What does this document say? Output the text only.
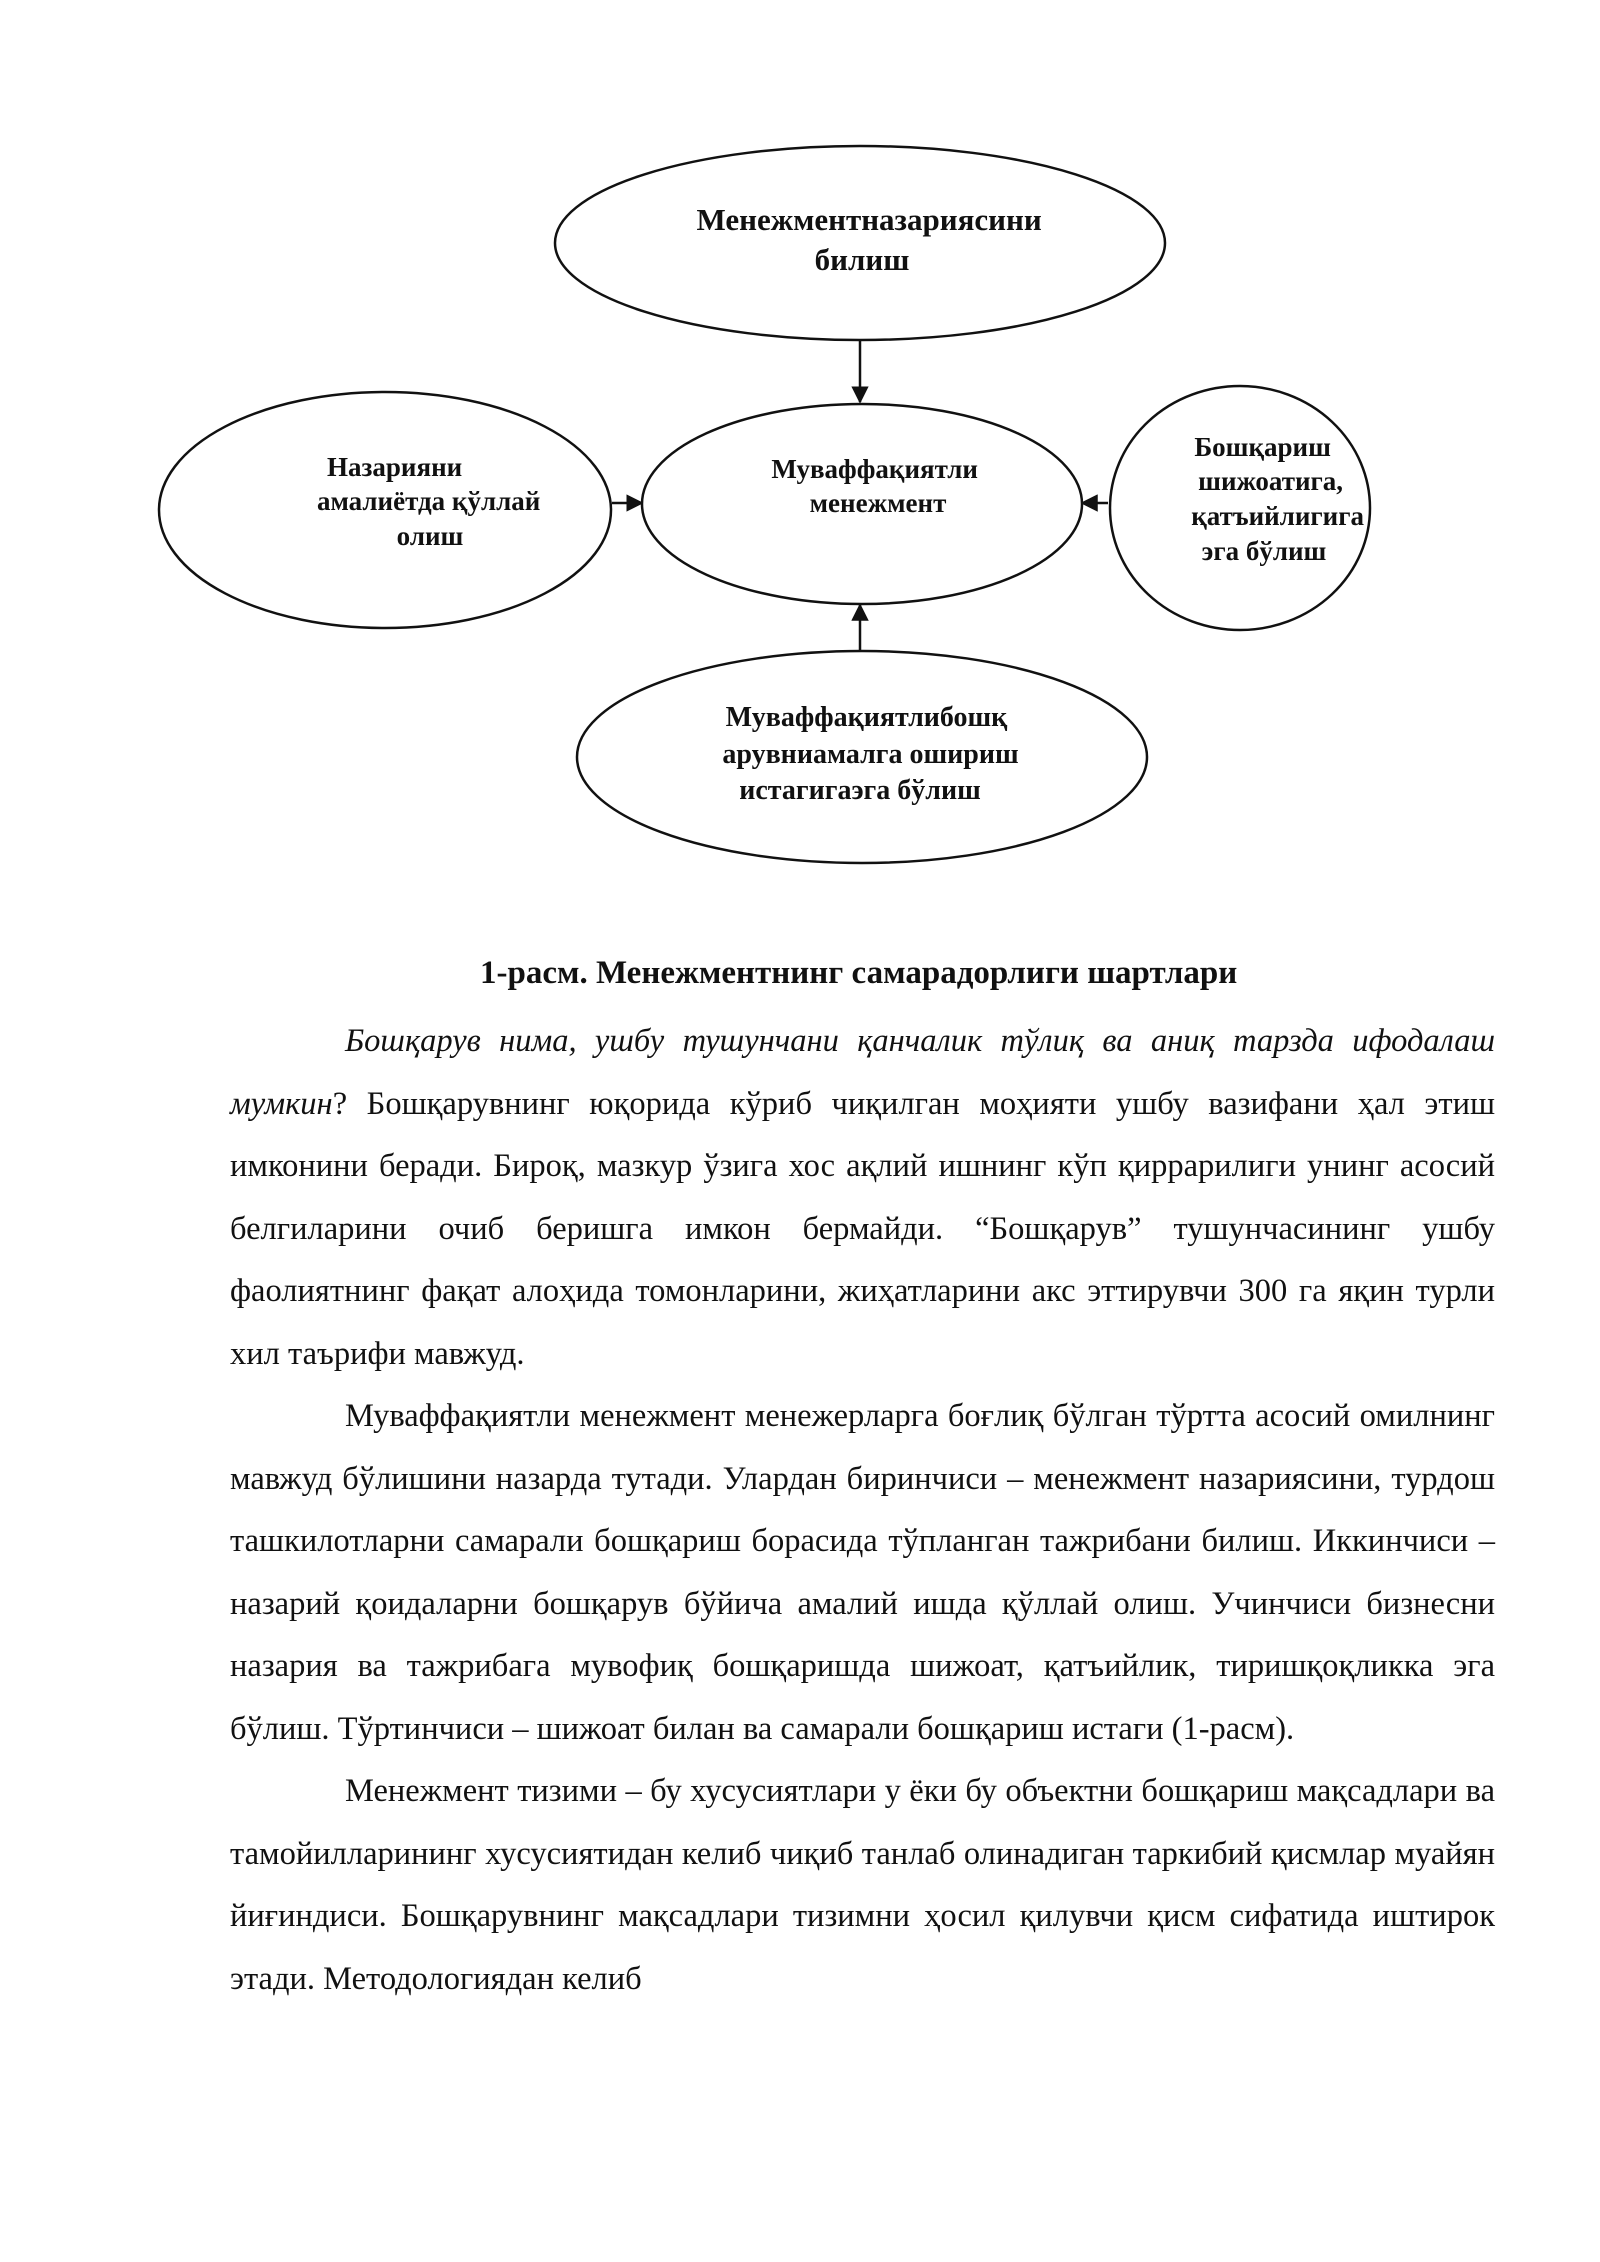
Менежментназариясини билиш
Муваффақиятли менежмент
Назарияни амалиётда қўллай олиш
Бошқариш шижоатига, қатъийлигига эга бўлиш
Муваффақиятлибошқ арувниамалга ошириш истагигаэга бўлиш
1-расм. Менежментнинг самарадорлиги шартлари

Бошқарув нима, ушбу тушунчани қанчалик тўлиқ ва аниқ тарзда ифодалаш мумкин? Бошқарувнинг юқорида кўриб чиқилган моҳияти ушбу вазифани ҳал этиш имконини беради. Бироқ, мазкур ўзига хос ақлий ишнинг кўп қиррарилиги унинг асосий белгиларини очиб беришга имкон бермайди. “Бошқарув” тушунчасининг ушбу фаолиятнинг фақат алоҳида томонларини, жиҳатларини акс эттирувчи 300 га яқин турли хил таърифи мавжуд.

Муваффақиятли менежмент менежерларга боғлиқ бўлган тўртта асосий омилнинг мавжуд бўлишини назарда тутади. Улардан биринчиси – менежмент назариясини, турдош ташкилотларни самарали бошқариш борасида тўпланган тажрибани билиш. Иккинчиси – назарий қоидаларни бошқарув бўйича амалий ишда қўллай олиш. Учинчиси бизнесни назария ва тажрибага мувофиқ бошқаришда шижоат, қатъийлик, тиришқоқликка эга бўлиш. Тўртинчиси – шижоат билан ва самарали бошқариш истаги (1-расм).

Менежмент тизими – бу хусусиятлари у ёки бу объектни бошқариш мақсадлари ва тамойилларининг хусусиятидан келиб чиқиб танлаб олинадиган таркибий қисмлар муайян йиғиндиси. Бошқарувнинг мақсадлари тизимни ҳосил қилувчи қисм сифатида иштирок этади. Методологиядан келиб
